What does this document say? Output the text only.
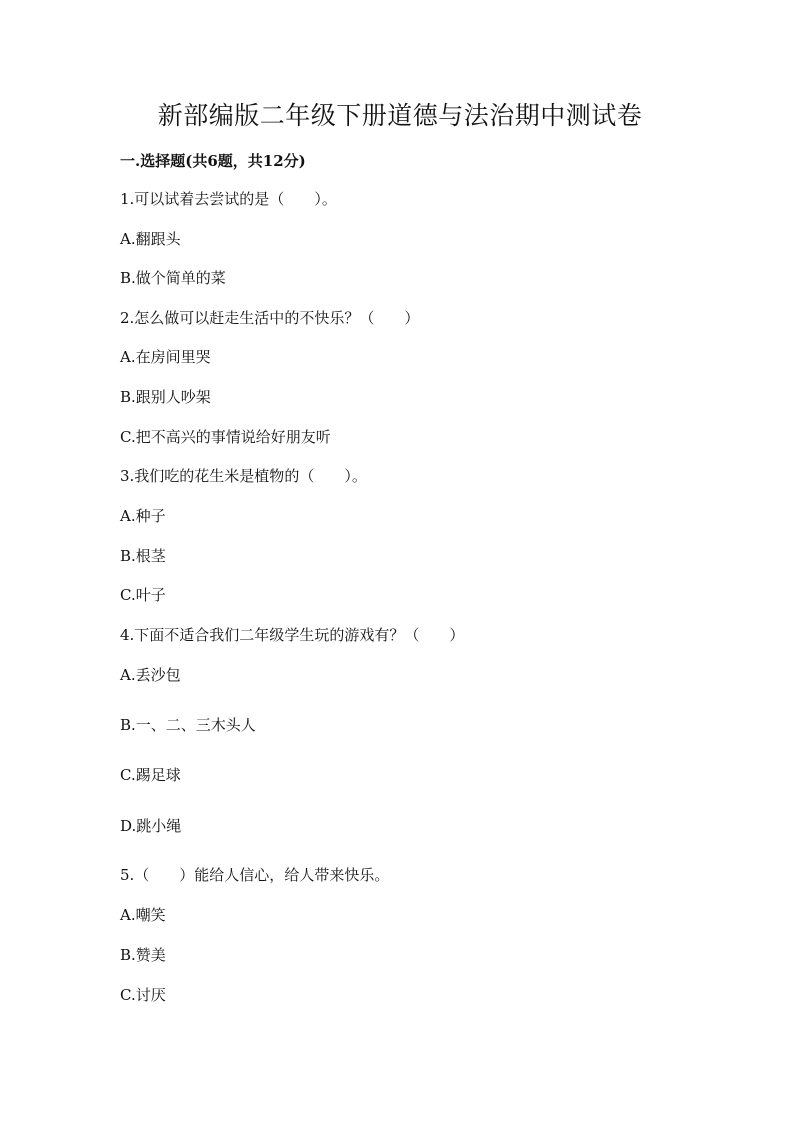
新部编版二年级下册道德与法治期中测试卷
一.选择题(共6题，共12分)
1.可以试着去尝试的是（　　）。
A.翻跟头
B.做个简单的菜
2.怎么做可以赶走生活中的不快乐？（　　）
A.在房间里哭
B.跟别人吵架
C.把不高兴的事情说给好朋友听
3.我们吃的花生米是植物的（　　）。
A.种子
B.根茎
C.叶子
4.下面不适合我们二年级学生玩的游戏有？（　　）
A.丢沙包
B.一、二、三木头人
C.踢足球
D.跳小绳
5.（　　）能给人信心，给人带来快乐。
A.嘲笑
B.赞美
C.讨厌
